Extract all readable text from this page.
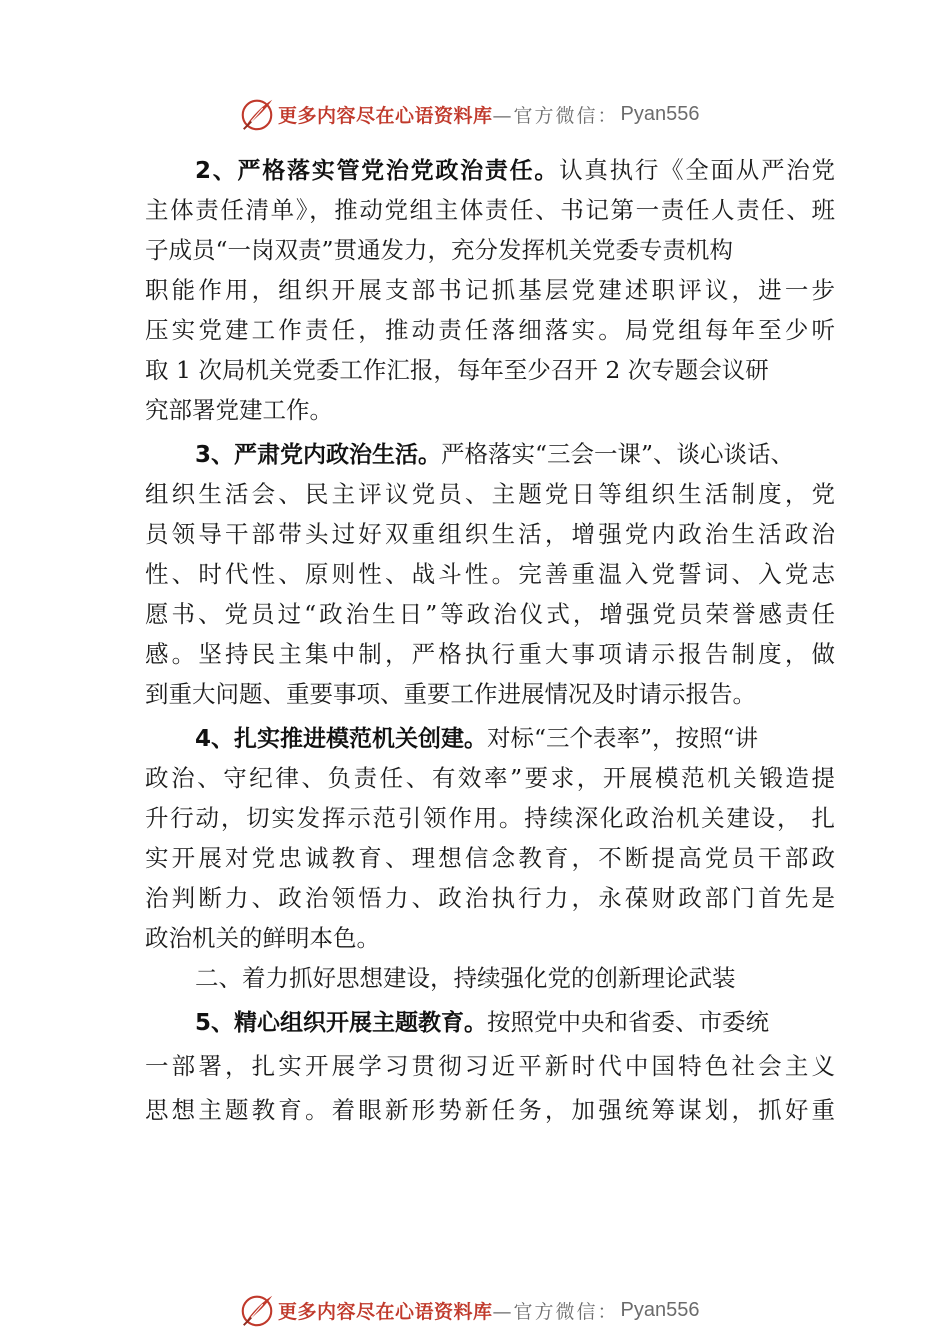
更多内容尽在心语资料库 —官方微信： Pyan556
2、严格落实管党治党政治责任。认真执行《全面从严治党
主体责任清单》，推动党组主体责任、书记第一责任人责任、班
子成员“一岗双责”贯通发力，充分发挥机关党委专责机构
职能作用，组织开展支部书记抓基层党建述职评议，进一步
压实党建工作责任，推动责任落细落实。局党组每年至少听
取 1 次局机关党委工作汇报，每年至少召开 2 次专题会议研
究部署党建工作。
3、严肃党内政治生活。严格落实“三会一课”、谈心谈话、
组织生活会、民主评议党员、主题党日等组织生活制度，党
员领导干部带头过好双重组织生活，增强党内政治生活政治
性、时代性、原则性、战斗性。完善重温入党誓词、入党志
愿书、党员过“政治生日”等政治仪式，增强党员荣誉感责任
感。坚持民主集中制，严格执行重大事项请示报告制度，做
到重大问题、重要事项、重要工作进展情况及时请示报告。
4、扎实推进模范机关创建。对标“三个表率”，按照“讲
政治、守纪律、负责任、有效率”要求，开展模范机关锻造提
升行动，切实发挥示范引领作用。持续深化政治机关建设， 扎
实开展对党忠诚教育、理想信念教育，不断提高党员干部政
治判断力、政治领悟力、政治执行力，永葆财政部门首先是
政治机关的鲜明本色。
二、着力抓好思想建设，持续强化党的创新理论武装
5、精心组织开展主题教育。按照党中央和省委、市委统
一部署，扎实开展学习贯彻习近平新时代中国特色社会主义
思想主题教育。着眼新形势新任务，加强统筹谋划，抓好重
更多内容尽在心语资料库 —官方微信： Pyan556
